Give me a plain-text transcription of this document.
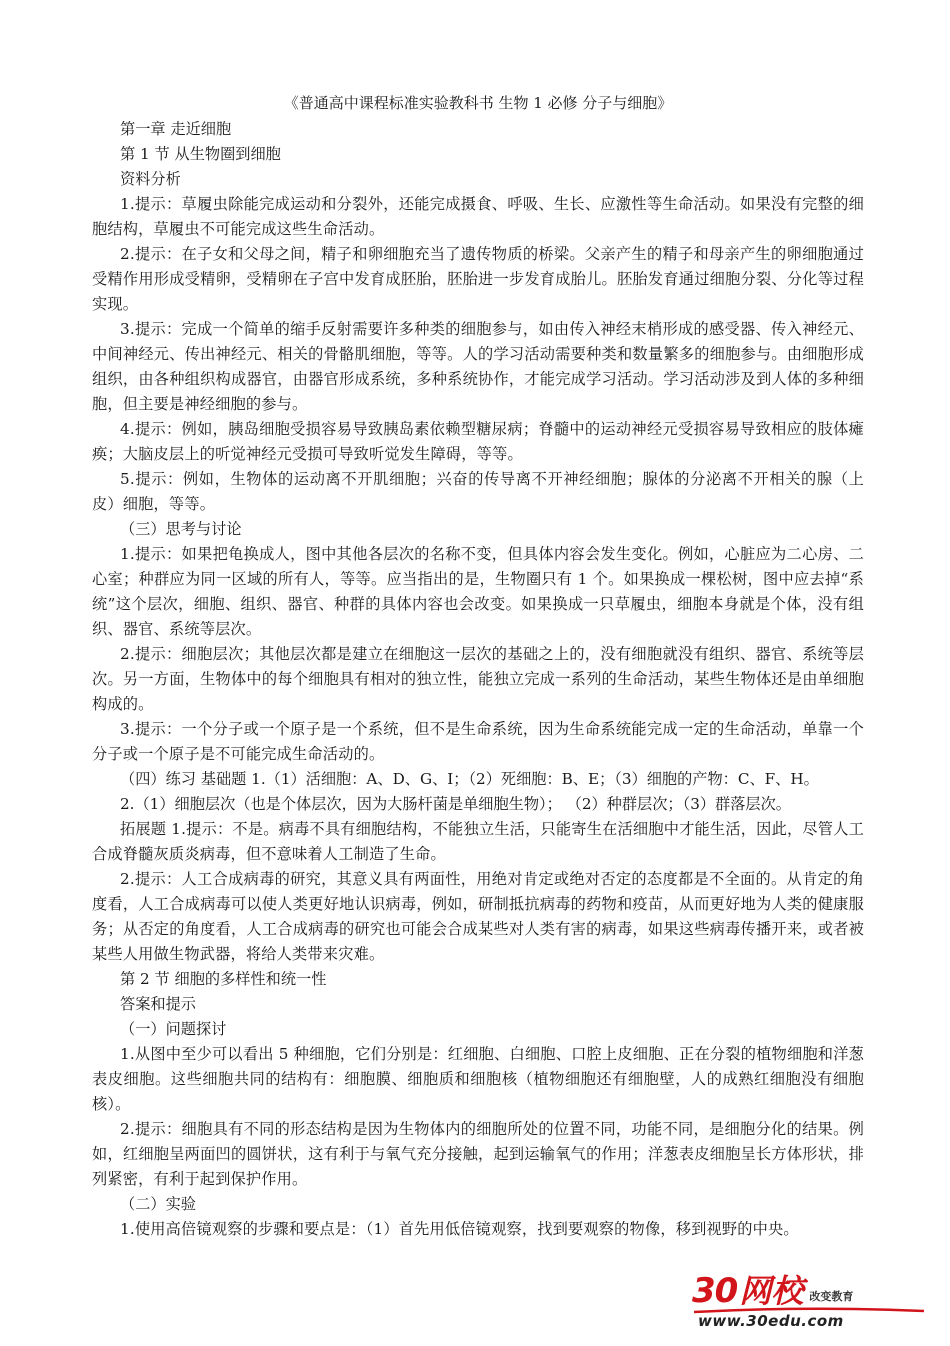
《普通高中课程标准实验教科书 生物 1 必修 分子与细胞》

第一章 走近细胞

第 1 节 从生物圈到细胞

资料分析

1.提示：草履虫除能完成运动和分裂外，还能完成摄食、呼吸、生长、应激性等生命活动。如果没有完整的细胞结构，草履虫不可能完成这些生命活动。

2.提示：在子女和父母之间，精子和卵细胞充当了遗传物质的桥梁。父亲产生的精子和母亲产生的卵细胞通过受精作用形成受精卵，受精卵在子宫中发育成胚胎，胚胎进一步发育成胎儿。胚胎发育通过细胞分裂、分化等过程实现。

3.提示：完成一个简单的缩手反射需要许多种类的细胞参与，如由传入神经末梢形成的感受器、传入神经元、中间神经元、传出神经元、相关的骨骼肌细胞，等等。人的学习活动需要种类和数量繁多的细胞参与。由细胞形成组织，由各种组织构成器官，由器官形成系统，多种系统协作，才能完成学习活动。学习活动涉及到人体的多种细胞，但主要是神经细胞的参与。

4.提示：例如，胰岛细胞受损容易导致胰岛素依赖型糖尿病；脊髓中的运动神经元受损容易导致相应的肢体瘫痪；大脑皮层上的听觉神经元受损可导致听觉发生障碍，等等。

5.提示：例如，生物体的运动离不开肌细胞；兴奋的传导离不开神经细胞；腺体的分泌离不开相关的腺（上皮）细胞，等等。

（三）思考与讨论

1.提示：如果把龟换成人，图中其他各层次的名称不变，但具体内容会发生变化。例如，心脏应为二心房、二心室；种群应为同一区域的所有人，等等。应当指出的是，生物圈只有 1 个。如果换成一棵松树，图中应去掉“系统”这个层次，细胞、组织、器官、种群的具体内容也会改变。如果换成一只草履虫，细胞本身就是个体，没有组织、器官、系统等层次。

2.提示：细胞层次；其他层次都是建立在细胞这一层次的基础之上的，没有细胞就没有组织、器官、系统等层次。另一方面，生物体中的每个细胞具有相对的独立性，能独立完成一系列的生命活动，某些生物体还是由单细胞构成的。

3.提示：一个分子或一个原子是一个系统，但不是生命系统，因为生命系统能完成一定的生命活动，单靠一个分子或一个原子是不可能完成生命活动的。

（四）练习 基础题 1.（1）活细胞：A、D、G、I；（2）死细胞：B、E；（3）细胞的产物：C、F、H。

2.（1）细胞层次（也是个体层次，因为大肠杆菌是单细胞生物）； （2）种群层次；（3）群落层次。

拓展题 1.提示：不是。病毒不具有细胞结构，不能独立生活，只能寄生在活细胞中才能生活，因此，尽管人工合成脊髓灰质炎病毒，但不意味着人工制造了生命。

2.提示：人工合成病毒的研究，其意义具有两面性，用绝对肯定或绝对否定的态度都是不全面的。从肯定的角度看，人工合成病毒可以使人类更好地认识病毒，例如，研制抵抗病毒的药物和疫苗，从而更好地为人类的健康服务；从否定的角度看，人工合成病毒的研究也可能会合成某些对人类有害的病毒，如果这些病毒传播开来，或者被某些人用做生物武器，将给人类带来灾难。

第 2 节 细胞的多样性和统一性

答案和提示

（一）问题探讨

1.从图中至少可以看出 5 种细胞，它们分别是：红细胞、白细胞、口腔上皮细胞、正在分裂的植物细胞和洋葱表皮细胞。这些细胞共同的结构有：细胞膜、细胞质和细胞核（植物细胞还有细胞壁，人的成熟红细胞没有细胞核）。

2.提示：细胞具有不同的形态结构是因为生物体内的细胞所处的位置不同，功能不同，是细胞分化的结果。例如，红细胞呈两面凹的圆饼状，这有利于与氧气充分接触，起到运输氧气的作用；洋葱表皮细胞呈长方体形状，排列紧密，有利于起到保护作用。

（二）实验

1.使用高倍镜观察的步骤和要点是：（1）首先用低倍镜观察，找到要观察的物像，移到视野的中央。

30 网校 改变教育
www.30edu.com
